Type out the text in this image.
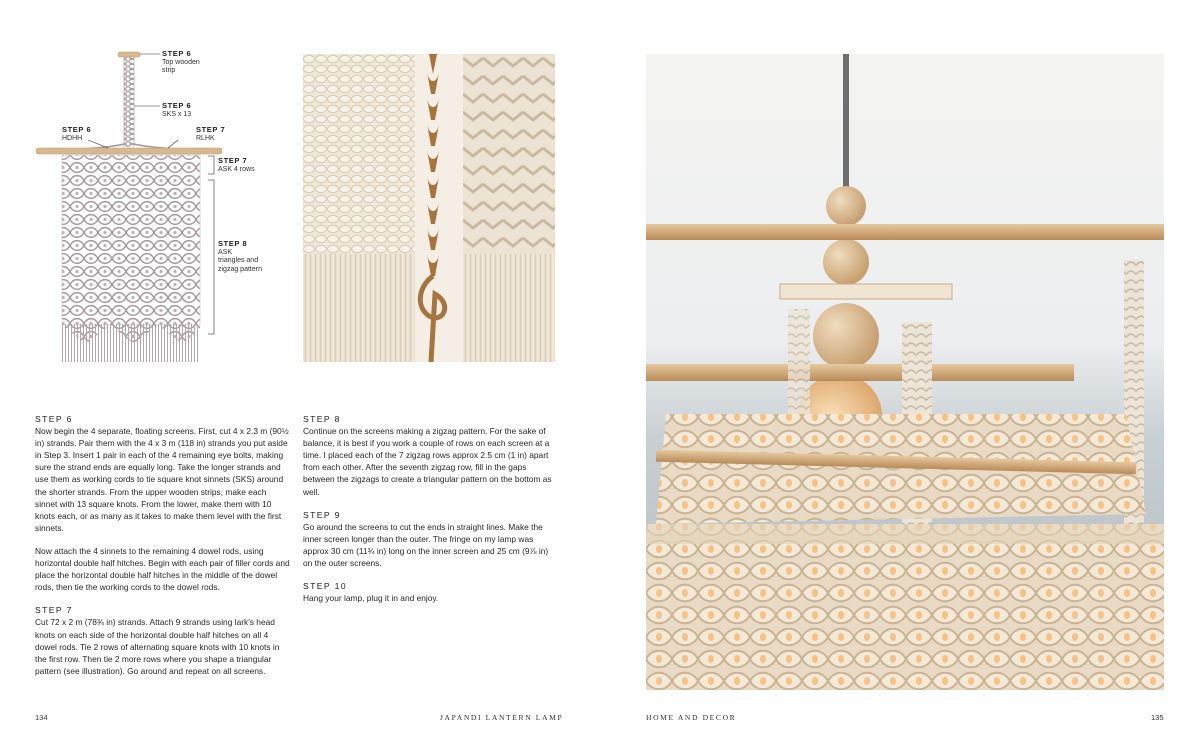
STEP 6
Top wooden
strip
STEP 6
SKS x 13
STEP 6
HDHH
STEP 7
RLHK
STEP 7
ASK 4 rows
STEP 8
ASK
triangles and
zigzag pattern
STEP 6

Now begin the 4 separate, floating screens. First, cut 4 x 2.3 m (90½ in) strands. Pair them with the 4 x 3 m (118 in) strands you put aside in Step 3. Insert 1 pair in each of the 4 remaining eye bolts, making sure the strand ends are equally long. Take the longer strands and use them as working cords to tie square knot sinnets (SKS) around the shorter strands. From the upper wooden strips, make each sinnet with 13 square knots. From the lower, make them with 10 knots each, or as many as it takes to make them level with the first sinnets.

Now attach the 4 sinnets to the remaining 4 dowel rods, using horizontal double half hitches. Begin with each pair of filler cords and place the horizontal double half hitches in the middle of the dowel rods, then tie the working cords to the dowel rods.

STEP 7

Cut 72 x 2 m (78¾ in) strands. Attach 9 strands using lark's head knots on each side of the horizontal double half hitches on all 4 dowel rods. Tie 2 rows of alternating square knots with 10 knots in the first row. Then tie 2 more rows where you shape a triangular pattern (see illustration). Go around and repeat on all screens.

STEP 8

Continue on the screens making a zigzag pattern. For the sake of balance, it is best if you work a couple of rows on each screen at a time. I placed each of the 7 zigzag rows approx 2.5 cm (1 in) apart from each other. After the seventh zigzag row, fill in the gaps between the zigzags to create a triangular pattern on the bottom as well.

STEP 9

Go around the screens to cut the ends in straight lines. Make the inner screen longer than the outer. The fringe on my lamp was approx 30 cm (11¾ in) long on the inner screen and 25 cm (9⅞ in) on the outer screens.

STEP 10

Hang your lamp, plug it in and enjoy.

134	JAPANDI LANTERN LAMP	HOME AND DECOR	135
